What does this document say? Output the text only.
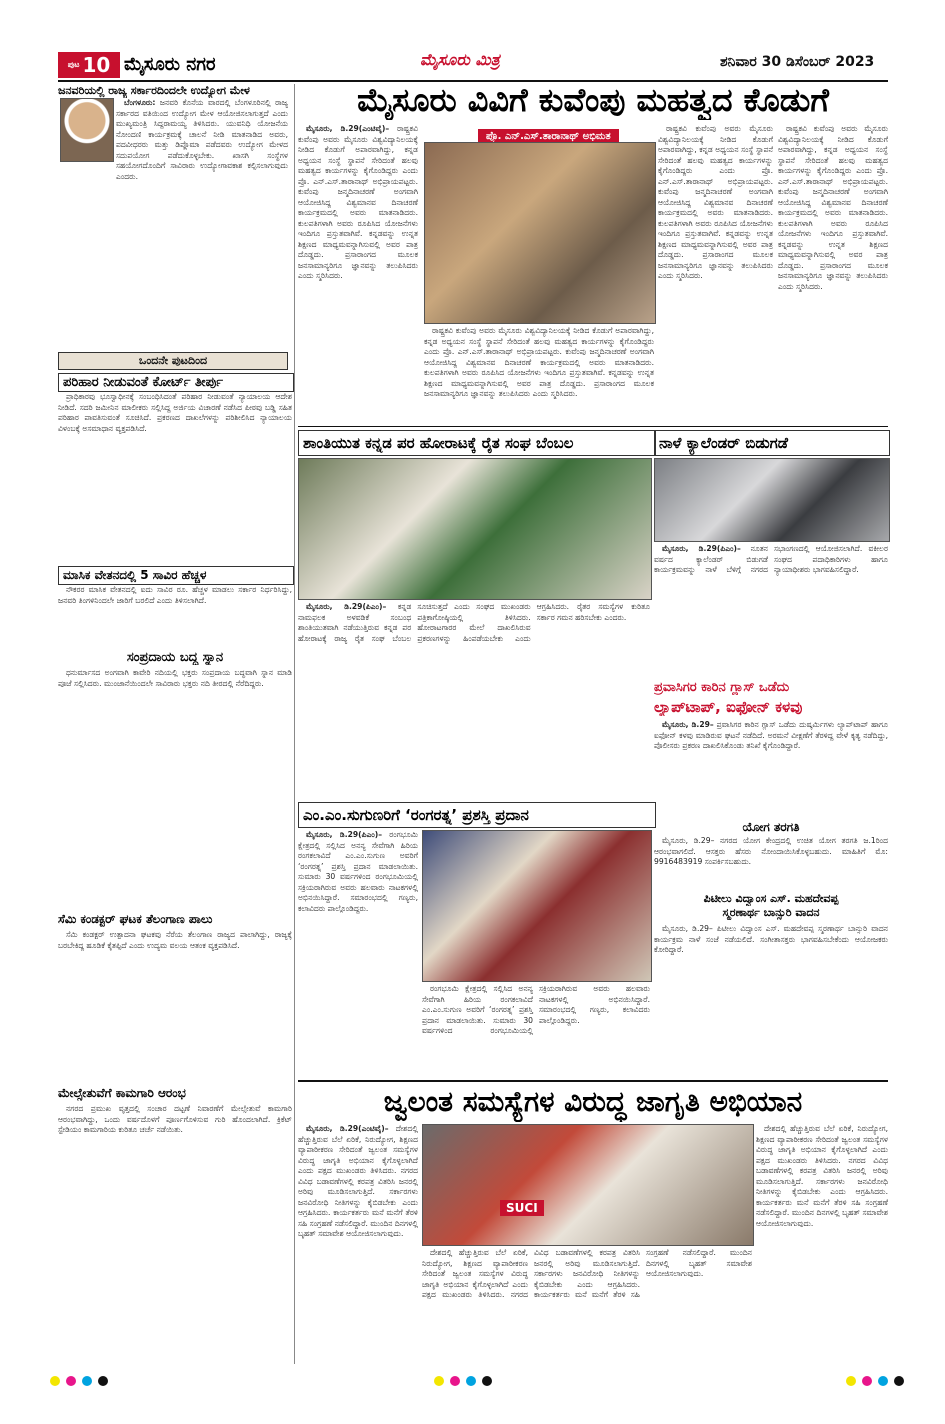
ಪುಟ 10 ಮೈಸೂರು ನಗರ	ಮೈಸೂರು ಮಿತ್ರ	ಶನಿವಾರ 30 ಡಿಸೆಂಬರ್ 2023
ಜನವರಿಯಲ್ಲಿ ರಾಜ್ಯ ಸರ್ಕಾರದಿಂದಲೇ ಉದ್ಯೋಗ ಮೇಳ

ಬೆಂಗಳೂರು: ಜನವರಿ ಕೊನೆಯ ವಾರದಲ್ಲಿ ಬೆಂಗಳೂರಿನಲ್ಲಿ ರಾಜ್ಯ ಸರ್ಕಾರದ ವತಿಯಿಂದ ಉದ್ಯೋಗ ಮೇಳ ಆಯೋಜಿಸಲಾಗುತ್ತದೆ ಎಂದು ಮುಖ್ಯಮಂತ್ರಿ ಸಿದ್ದರಾಮಯ್ಯ ತಿಳಿಸಿದರು. ಯುವನಿಧಿ ಯೋಜನೆಯ ನೋಂದಣಿ ಕಾರ್ಯಕ್ರಮಕ್ಕೆ ಚಾಲನೆ ನೀಡಿ ಮಾತನಾಡಿದ ಅವರು, ಪದವೀಧರರು ಮತ್ತು ಡಿಪ್ಲೊಮಾ ಪಡೆದವರು ಉದ್ಯೋಗ ಮೇಳದ ಸದುಪಯೋಗ ಪಡೆದುಕೊಳ್ಳಬೇಕು. ಖಾಸಗಿ ಸಂಸ್ಥೆಗಳ ಸಹಯೋಗದೊಂದಿಗೆ ಸಾವಿರಾರು ಉದ್ಯೋಗಾವಕಾಶ ಕಲ್ಪಿಸಲಾಗುವುದು ಎಂದರು.

ಒಂದನೇ ಪುಟದಿಂದ
ಪರಿಹಾರ ನೀಡುವಂತೆ ಕೋರ್ಟ್ ತೀರ್ಪು

ಪ್ರಾಧಿಕಾರವು ಭೂಸ್ವಾಧೀನಕ್ಕೆ ಸಂಬಂಧಿಸಿದಂತೆ ಪರಿಹಾರ ನೀಡುವಂತೆ ನ್ಯಾಯಾಲಯ ಆದೇಶ ನೀಡಿದೆ. ಸದರಿ ಜಮೀನಿನ ಮಾಲೀಕರು ಸಲ್ಲಿಸಿದ್ದ ಅರ್ಜಿಯ ವಿಚಾರಣೆ ನಡೆಸಿದ ಪೀಠವು ಬಡ್ಡಿ ಸಹಿತ ಪರಿಹಾರ ಪಾವತಿಸುವಂತೆ ಸೂಚಿಸಿದೆ. ಪ್ರಕರಣದ ದಾಖಲೆಗಳನ್ನು ಪರಿಶೀಲಿಸಿದ ನ್ಯಾಯಾಲಯ ವಿಳಂಬಕ್ಕೆ ಅಸಮಾಧಾನ ವ್ಯಕ್ತಪಡಿಸಿದೆ.

ಮಾಸಿಕ ವೇತನದಲ್ಲಿ 5 ಸಾವಿರ ಹೆಚ್ಚಳ

ನೌಕರರ ಮಾಸಿಕ ವೇತನದಲ್ಲಿ ಐದು ಸಾವಿರ ರೂ. ಹೆಚ್ಚಳ ಮಾಡಲು ಸರ್ಕಾರ ನಿರ್ಧರಿಸಿದ್ದು, ಜನವರಿ ತಿಂಗಳಿನಿಂದಲೇ ಜಾರಿಗೆ ಬರಲಿದೆ ಎಂದು ತಿಳಿಸಲಾಗಿದೆ.

ಸಂಪ್ರದಾಯ ಬದ್ಧ ಸ್ನಾನ

ಧನುರ್ಮಾಸದ ಅಂಗವಾಗಿ ಕಾವೇರಿ ನದಿಯಲ್ಲಿ ಭಕ್ತರು ಸಂಪ್ರದಾಯ ಬದ್ಧವಾಗಿ ಸ್ನಾನ ಮಾಡಿ ಪೂಜೆ ಸಲ್ಲಿಸಿದರು. ಮುಂಜಾನೆಯಿಂದಲೇ ಸಾವಿರಾರು ಭಕ್ತರು ನದಿ ತೀರದಲ್ಲಿ ನೆರೆದಿದ್ದರು.

ಸೆಮಿ ಕಂಡಕ್ಟರ್ ಘಟಕ ತೆಲಂಗಾಣ ಪಾಲು

ಸೆಮಿ ಕಂಡಕ್ಟರ್ ಉತ್ಪಾದನಾ ಘಟಕವು ನೆರೆಯ ತೆಲಂಗಾಣ ರಾಜ್ಯದ ಪಾಲಾಗಿದ್ದು, ರಾಜ್ಯಕ್ಕೆ ಬರಬೇಕಿದ್ದ ಹೂಡಿಕೆ ಕೈತಪ್ಪಿದೆ ಎಂದು ಉದ್ಯಮ ವಲಯ ಆತಂಕ ವ್ಯಕ್ತಪಡಿಸಿದೆ.

ಮೇಲ್ಸೇತುವೆಗೆ ಕಾಮಗಾರಿ ಆರಂಭ

ನಗರದ ಪ್ರಮುಖ ವೃತ್ತದಲ್ಲಿ ಸಂಚಾರ ದಟ್ಟಣೆ ನಿವಾರಣೆಗೆ ಮೇಲ್ಸೇತುವೆ ಕಾಮಗಾರಿ ಆರಂಭವಾಗಿದ್ದು, ಒಂದು ವರ್ಷದೊಳಗೆ ಪೂರ್ಣಗೊಳಿಸುವ ಗುರಿ ಹೊಂದಲಾಗಿದೆ. ಕ್ರಿಕೆಟ್ ಸ್ಟೇಡಿಯಂ ಕಾಮಗಾರಿಯ ಕುರಿತೂ ಚರ್ಚೆ ನಡೆಯಿತು.

ಮೈಸೂರು ವಿವಿಗೆ ಕುವೆಂಪು ಮಹತ್ವದ ಕೊಡುಗೆ

ಮೈಸೂರು, ಡಿ.29(ಎಂಟಿವೈ)– ರಾಷ್ಟ್ರಕವಿ ಕುವೆಂಪು ಅವರು ಮೈಸೂರು ವಿಶ್ವವಿದ್ಯಾನಿಲಯಕ್ಕೆ ನೀಡಿದ ಕೊಡುಗೆ ಅಪಾರವಾಗಿದ್ದು, ಕನ್ನಡ ಅಧ್ಯಯನ ಸಂಸ್ಥೆ ಸ್ಥಾಪನೆ ಸೇರಿದಂತೆ ಹಲವು ಮಹತ್ವದ ಕಾರ್ಯಗಳನ್ನು ಕೈಗೊಂಡಿದ್ದರು ಎಂದು ಪ್ರೊ. ಎನ್.ಎಸ್.ತಾರಾನಾಥ್ ಅಭಿಪ್ರಾಯಪಟ್ಟರು. ಕುವೆಂಪು ಜನ್ಮದಿನಾಚರಣೆ ಅಂಗವಾಗಿ ಆಯೋಜಿಸಿದ್ದ ವಿಶ್ವಮಾನವ ದಿನಾಚರಣೆ ಕಾರ್ಯಕ್ರಮದಲ್ಲಿ ಅವರು ಮಾತನಾಡಿದರು. ಕುಲಪತಿಗಳಾಗಿ ಅವರು ರೂಪಿಸಿದ ಯೋಜನೆಗಳು ಇಂದಿಗೂ ಪ್ರಸ್ತುತವಾಗಿವೆ. ಕನ್ನಡವನ್ನು ಉನ್ನತ ಶಿಕ್ಷಣದ ಮಾಧ್ಯಮವನ್ನಾಗಿಸುವಲ್ಲಿ ಅವರ ಪಾತ್ರ ದೊಡ್ಡದು. ಪ್ರಸಾರಾಂಗದ ಮೂಲಕ ಜನಸಾಮಾನ್ಯರಿಗೂ ಜ್ಞಾನವನ್ನು ತಲುಪಿಸಿದರು ಎಂದು ಸ್ಮರಿಸಿದರು.

ಪ್ರೊ. ಎನ್.ಎಸ್.ತಾರಾನಾಥ್ ಅಭಿಮತ

ರಾಷ್ಟ್ರಕವಿ ಕುವೆಂಪು ಅವರು ಮೈಸೂರು ವಿಶ್ವವಿದ್ಯಾನಿಲಯಕ್ಕೆ ನೀಡಿದ ಕೊಡುಗೆ ಅಪಾರವಾಗಿದ್ದು, ಕನ್ನಡ ಅಧ್ಯಯನ ಸಂಸ್ಥೆ ಸ್ಥಾಪನೆ ಸೇರಿದಂತೆ ಹಲವು ಮಹತ್ವದ ಕಾರ್ಯಗಳನ್ನು ಕೈಗೊಂಡಿದ್ದರು ಎಂದು ಪ್ರೊ. ಎನ್.ಎಸ್.ತಾರಾನಾಥ್ ಅಭಿಪ್ರಾಯಪಟ್ಟರು. ಕುವೆಂಪು ಜನ್ಮದಿನಾಚರಣೆ ಅಂಗವಾಗಿ ಆಯೋಜಿಸಿದ್ದ ವಿಶ್ವಮಾನವ ದಿನಾಚರಣೆ ಕಾರ್ಯಕ್ರಮದಲ್ಲಿ ಅವರು ಮಾತನಾಡಿದರು. ಕುಲಪತಿಗಳಾಗಿ ಅವರು ರೂಪಿಸಿದ ಯೋಜನೆಗಳು ಇಂದಿಗೂ ಪ್ರಸ್ತುತವಾಗಿವೆ. ಕನ್ನಡವನ್ನು ಉನ್ನತ ಶಿಕ್ಷಣದ ಮಾಧ್ಯಮವನ್ನಾಗಿಸುವಲ್ಲಿ ಅವರ ಪಾತ್ರ ದೊಡ್ಡದು. ಪ್ರಸಾರಾಂಗದ ಮೂಲಕ ಜನಸಾಮಾನ್ಯರಿಗೂ ಜ್ಞಾನವನ್ನು ತಲುಪಿಸಿದರು ಎಂದು ಸ್ಮರಿಸಿದರು.

ರಾಷ್ಟ್ರಕವಿ ಕುವೆಂಪು ಅವರು ಮೈಸೂರು ವಿಶ್ವವಿದ್ಯಾನಿಲಯಕ್ಕೆ ನೀಡಿದ ಕೊಡುಗೆ ಅಪಾರವಾಗಿದ್ದು, ಕನ್ನಡ ಅಧ್ಯಯನ ಸಂಸ್ಥೆ ಸ್ಥಾಪನೆ ಸೇರಿದಂತೆ ಹಲವು ಮಹತ್ವದ ಕಾರ್ಯಗಳನ್ನು ಕೈಗೊಂಡಿದ್ದರು ಎಂದು ಪ್ರೊ. ಎನ್.ಎಸ್.ತಾರಾನಾಥ್ ಅಭಿಪ್ರಾಯಪಟ್ಟರು. ಕುವೆಂಪು ಜನ್ಮದಿನಾಚರಣೆ ಅಂಗವಾಗಿ ಆಯೋಜಿಸಿದ್ದ ವಿಶ್ವಮಾನವ ದಿನಾಚರಣೆ ಕಾರ್ಯಕ್ರಮದಲ್ಲಿ ಅವರು ಮಾತನಾಡಿದರು. ಕುಲಪತಿಗಳಾಗಿ ಅವರು ರೂಪಿಸಿದ ಯೋಜನೆಗಳು ಇಂದಿಗೂ ಪ್ರಸ್ತುತವಾಗಿವೆ. ಕನ್ನಡವನ್ನು ಉನ್ನತ ಶಿಕ್ಷಣದ ಮಾಧ್ಯಮವನ್ನಾಗಿಸುವಲ್ಲಿ ಅವರ ಪಾತ್ರ ದೊಡ್ಡದು. ಪ್ರಸಾರಾಂಗದ ಮೂಲಕ ಜನಸಾಮಾನ್ಯರಿಗೂ ಜ್ಞಾನವನ್ನು ತಲುಪಿಸಿದರು ಎಂದು ಸ್ಮರಿಸಿದರು.

ರಾಷ್ಟ್ರಕವಿ ಕುವೆಂಪು ಅವರು ಮೈಸೂರು ವಿಶ್ವವಿದ್ಯಾನಿಲಯಕ್ಕೆ ನೀಡಿದ ಕೊಡುಗೆ ಅಪಾರವಾಗಿದ್ದು, ಕನ್ನಡ ಅಧ್ಯಯನ ಸಂಸ್ಥೆ ಸ್ಥಾಪನೆ ಸೇರಿದಂತೆ ಹಲವು ಮಹತ್ವದ ಕಾರ್ಯಗಳನ್ನು ಕೈಗೊಂಡಿದ್ದರು ಎಂದು ಪ್ರೊ. ಎನ್.ಎಸ್.ತಾರಾನಾಥ್ ಅಭಿಪ್ರಾಯಪಟ್ಟರು. ಕುವೆಂಪು ಜನ್ಮದಿನಾಚರಣೆ ಅಂಗವಾಗಿ ಆಯೋಜಿಸಿದ್ದ ವಿಶ್ವಮಾನವ ದಿನಾಚರಣೆ ಕಾರ್ಯಕ್ರಮದಲ್ಲಿ ಅವರು ಮಾತನಾಡಿದರು. ಕುಲಪತಿಗಳಾಗಿ ಅವರು ರೂಪಿಸಿದ ಯೋಜನೆಗಳು ಇಂದಿಗೂ ಪ್ರಸ್ತುತವಾಗಿವೆ. ಕನ್ನಡವನ್ನು ಉನ್ನತ ಶಿಕ್ಷಣದ ಮಾಧ್ಯಮವನ್ನಾಗಿಸುವಲ್ಲಿ ಅವರ ಪಾತ್ರ ದೊಡ್ಡದು. ಪ್ರಸಾರಾಂಗದ ಮೂಲಕ ಜನಸಾಮಾನ್ಯರಿಗೂ ಜ್ಞಾನವನ್ನು ತಲುಪಿಸಿದರು ಎಂದು ಸ್ಮರಿಸಿದರು.

ಶಾಂತಿಯುತ ಕನ್ನಡ ಪರ ಹೋರಾಟಕ್ಕೆ ರೈತ ಸಂಘ ಬೆಂಬಲ

ಮೈಸೂರು, ಡಿ.29(ಪಿಎಂ)– ಕನ್ನಡ ನಾಮಫಲಕ ಅಳವಡಿಕೆ ಸಂಬಂಧ ಶಾಂತಿಯುತವಾಗಿ ನಡೆಯುತ್ತಿರುವ ಕನ್ನಡ ಪರ ಹೋರಾಟಕ್ಕೆ ರಾಜ್ಯ ರೈತ ಸಂಘ ಬೆಂಬಲ ಸೂಚಿಸುತ್ತದೆ ಎಂದು ಸಂಘದ ಮುಖಂಡರು ಪತ್ರಿಕಾಗೋಷ್ಠಿಯಲ್ಲಿ ತಿಳಿಸಿದರು. ಹೋರಾಟಗಾರರ ಮೇಲೆ ದಾಖಲಿಸಿರುವ ಪ್ರಕರಣಗಳನ್ನು ಹಿಂಪಡೆಯಬೇಕು ಎಂದು ಆಗ್ರಹಿಸಿದರು. ರೈತರ ಸಮಸ್ಯೆಗಳ ಕುರಿತೂ ಸರ್ಕಾರ ಗಮನ ಹರಿಸಬೇಕು ಎಂದರು.

ನಾಳೆ ಕ್ಯಾಲೆಂಡರ್ ಬಿಡುಗಡೆ

ಮೈಸೂರು, ಡಿ.29(ಪಿಎಂ)– ನೂತನ ವರ್ಷದ ಕ್ಯಾಲೆಂಡರ್ ಬಿಡುಗಡೆ ಕಾರ್ಯಕ್ರಮವನ್ನು ನಾಳೆ ಬೆಳಿಗ್ಗೆ ನಗರದ ಸಭಾಂಗಣದಲ್ಲಿ ಆಯೋಜಿಸಲಾಗಿದೆ. ವಕೀಲರ ಸಂಘದ ಪದಾಧಿಕಾರಿಗಳು ಹಾಗೂ ನ್ಯಾಯಾಧೀಶರು ಭಾಗವಹಿಸಲಿದ್ದಾರೆ.

ಪ್ರವಾಸಿಗರ ಕಾರಿನ ಗ್ಲಾಸ್ ಒಡೆದು
ಲ್ಯಾಪ್‌ಟಾಪ್, ಐಫೋನ್ ಕಳವು

ಮೈಸೂರು, ಡಿ.29– ಪ್ರವಾಸಿಗರ ಕಾರಿನ ಗ್ಲಾಸ್ ಒಡೆದು ದುಷ್ಕರ್ಮಿಗಳು ಲ್ಯಾಪ್‌ಟಾಪ್ ಹಾಗೂ ಐಫೋನ್ ಕಳವು ಮಾಡಿರುವ ಘಟನೆ ನಡೆದಿದೆ. ಅರಮನೆ ವೀಕ್ಷಣೆಗೆ ತೆರಳಿದ್ದ ವೇಳೆ ಕೃತ್ಯ ನಡೆದಿದ್ದು, ಪೊಲೀಸರು ಪ್ರಕರಣ ದಾಖಲಿಸಿಕೊಂಡು ತನಿಖೆ ಕೈಗೊಂಡಿದ್ದಾರೆ.

ಯೋಗ ತರಗತಿ

ಮೈಸೂರು, ಡಿ.29– ನಗರದ ಯೋಗ ಕೇಂದ್ರದಲ್ಲಿ ಉಚಿತ ಯೋಗ ತರಗತಿ ಜ.1ರಿಂದ ಆರಂಭವಾಗಲಿದೆ. ಆಸಕ್ತರು ಹೆಸರು ನೋಂದಾಯಿಸಿಕೊಳ್ಳಬಹುದು. ಮಾಹಿತಿಗೆ ಮೊ: 9916483919 ಸಂಪರ್ಕಿಸಬಹುದು.

ಪಿಟೀಲು ವಿದ್ವಾಂಸ ಎಸ್. ಮಹದೇವಪ್ಪ
ಸ್ಮರಣಾರ್ಥ ಬಾನ್ಸುರಿ ವಾದನ

ಮೈಸೂರು, ಡಿ.29– ಪಿಟೀಲು ವಿದ್ವಾಂಸ ಎಸ್. ಮಹದೇವಪ್ಪ ಸ್ಮರಣಾರ್ಥ ಬಾನ್ಸುರಿ ವಾದನ ಕಾರ್ಯಕ್ರಮ ನಾಳೆ ಸಂಜೆ ನಡೆಯಲಿದೆ. ಸಂಗೀತಾಸಕ್ತರು ಭಾಗವಹಿಸಬೇಕೆಂದು ಆಯೋಜಕರು ಕೋರಿದ್ದಾರೆ.

ಎಂ.ಎಂ.ಸುಗುಣರಿಗೆ ‘ರಂಗರತ್ನ’ ಪ್ರಶಸ್ತಿ ಪ್ರದಾನ

ಮೈಸೂರು, ಡಿ.29(ಪಿಎಂ)– ರಂಗಭೂಮಿ ಕ್ಷೇತ್ರದಲ್ಲಿ ಸಲ್ಲಿಸಿದ ಅನನ್ಯ ಸೇವೆಗಾಗಿ ಹಿರಿಯ ರಂಗಕಲಾವಿದೆ ಎಂ.ಎಂ.ಸುಗುಣ ಅವರಿಗೆ ‘ರಂಗರತ್ನ’ ಪ್ರಶಸ್ತಿ ಪ್ರದಾನ ಮಾಡಲಾಯಿತು. ಸುಮಾರು 30 ವರ್ಷಗಳಿಂದ ರಂಗಭೂಮಿಯಲ್ಲಿ ಸಕ್ರಿಯರಾಗಿರುವ ಅವರು ಹಲವಾರು ನಾಟಕಗಳಲ್ಲಿ ಅಭಿನಯಿಸಿದ್ದಾರೆ. ಸಮಾರಂಭದಲ್ಲಿ ಗಣ್ಯರು, ಕಲಾವಿದರು ಪಾಲ್ಗೊಂಡಿದ್ದರು.

ರಂಗಭೂಮಿ ಕ್ಷೇತ್ರದಲ್ಲಿ ಸಲ್ಲಿಸಿದ ಅನನ್ಯ ಸೇವೆಗಾಗಿ ಹಿರಿಯ ರಂಗಕಲಾವಿದೆ ಎಂ.ಎಂ.ಸುಗುಣ ಅವರಿಗೆ ‘ರಂಗರತ್ನ’ ಪ್ರಶಸ್ತಿ ಪ್ರದಾನ ಮಾಡಲಾಯಿತು. ಸುಮಾರು 30 ವರ್ಷಗಳಿಂದ ರಂಗಭೂಮಿಯಲ್ಲಿ ಸಕ್ರಿಯರಾಗಿರುವ ಅವರು ಹಲವಾರು ನಾಟಕಗಳಲ್ಲಿ ಅಭಿನಯಿಸಿದ್ದಾರೆ. ಸಮಾರಂಭದಲ್ಲಿ ಗಣ್ಯರು, ಕಲಾವಿದರು ಪಾಲ್ಗೊಂಡಿದ್ದರು.

ಜ್ವಲಂತ ಸಮಸ್ಯೆಗಳ ವಿರುದ್ಧ ಜಾಗೃತಿ ಅಭಿಯಾನ

ಮೈಸೂರು, ಡಿ.29(ಎಂಟಿವೈ)– ದೇಶದಲ್ಲಿ ಹೆಚ್ಚುತ್ತಿರುವ ಬೆಲೆ ಏರಿಕೆ, ನಿರುದ್ಯೋಗ, ಶಿಕ್ಷಣದ ವ್ಯಾಪಾರೀಕರಣ ಸೇರಿದಂತೆ ಜ್ವಲಂತ ಸಮಸ್ಯೆಗಳ ವಿರುದ್ಧ ಜಾಗೃತಿ ಅಭಿಯಾನ ಕೈಗೊಳ್ಳಲಾಗಿದೆ ಎಂದು ಪಕ್ಷದ ಮುಖಂಡರು ತಿಳಿಸಿದರು. ನಗರದ ವಿವಿಧ ಬಡಾವಣೆಗಳಲ್ಲಿ ಕರಪತ್ರ ವಿತರಿಸಿ ಜನರಲ್ಲಿ ಅರಿವು ಮೂಡಿಸಲಾಗುತ್ತಿದೆ. ಸರ್ಕಾರಗಳು ಜನವಿರೋಧಿ ನೀತಿಗಳನ್ನು ಕೈಬಿಡಬೇಕು ಎಂದು ಆಗ್ರಹಿಸಿದರು. ಕಾರ್ಯಕರ್ತರು ಮನೆ ಮನೆಗೆ ತೆರಳಿ ಸಹಿ ಸಂಗ್ರಹಣೆ ನಡೆಸಲಿದ್ದಾರೆ. ಮುಂದಿನ ದಿನಗಳಲ್ಲಿ ಬೃಹತ್ ಸಮಾವೇಶ ಆಯೋಜಿಸಲಾಗುವುದು.

SUCI

ದೇಶದಲ್ಲಿ ಹೆಚ್ಚುತ್ತಿರುವ ಬೆಲೆ ಏರಿಕೆ, ನಿರುದ್ಯೋಗ, ಶಿಕ್ಷಣದ ವ್ಯಾಪಾರೀಕರಣ ಸೇರಿದಂತೆ ಜ್ವಲಂತ ಸಮಸ್ಯೆಗಳ ವಿರುದ್ಧ ಜಾಗೃತಿ ಅಭಿಯಾನ ಕೈಗೊಳ್ಳಲಾಗಿದೆ ಎಂದು ಪಕ್ಷದ ಮುಖಂಡರು ತಿಳಿಸಿದರು. ನಗರದ ವಿವಿಧ ಬಡಾವಣೆಗಳಲ್ಲಿ ಕರಪತ್ರ ವಿತರಿಸಿ ಜನರಲ್ಲಿ ಅರಿವು ಮೂಡಿಸಲಾಗುತ್ತಿದೆ. ಸರ್ಕಾರಗಳು ಜನವಿರೋಧಿ ನೀತಿಗಳನ್ನು ಕೈಬಿಡಬೇಕು ಎಂದು ಆಗ್ರಹಿಸಿದರು. ಕಾರ್ಯಕರ್ತರು ಮನೆ ಮನೆಗೆ ತೆರಳಿ ಸಹಿ ಸಂಗ್ರಹಣೆ ನಡೆಸಲಿದ್ದಾರೆ. ಮುಂದಿನ ದಿನಗಳಲ್ಲಿ ಬೃಹತ್ ಸಮಾವೇಶ ಆಯೋಜಿಸಲಾಗುವುದು.

ದೇಶದಲ್ಲಿ ಹೆಚ್ಚುತ್ತಿರುವ ಬೆಲೆ ಏರಿಕೆ, ನಿರುದ್ಯೋಗ, ಶಿಕ್ಷಣದ ವ್ಯಾಪಾರೀಕರಣ ಸೇರಿದಂತೆ ಜ್ವಲಂತ ಸಮಸ್ಯೆಗಳ ವಿರುದ್ಧ ಜಾಗೃತಿ ಅಭಿಯಾನ ಕೈಗೊಳ್ಳಲಾಗಿದೆ ಎಂದು ಪಕ್ಷದ ಮುಖಂಡರು ತಿಳಿಸಿದರು. ನಗರದ ವಿವಿಧ ಬಡಾವಣೆಗಳಲ್ಲಿ ಕರಪತ್ರ ವಿತರಿಸಿ ಜನರಲ್ಲಿ ಅರಿವು ಮೂಡಿಸಲಾಗುತ್ತಿದೆ. ಸರ್ಕಾರಗಳು ಜನವಿರೋಧಿ ನೀತಿಗಳನ್ನು ಕೈಬಿಡಬೇಕು ಎಂದು ಆಗ್ರಹಿಸಿದರು. ಕಾರ್ಯಕರ್ತರು ಮನೆ ಮನೆಗೆ ತೆರಳಿ ಸಹಿ ಸಂಗ್ರಹಣೆ ನಡೆಸಲಿದ್ದಾರೆ. ಮುಂದಿನ ದಿನಗಳಲ್ಲಿ ಬೃಹತ್ ಸಮಾವೇಶ ಆಯೋಜಿಸಲಾಗುವುದು.
